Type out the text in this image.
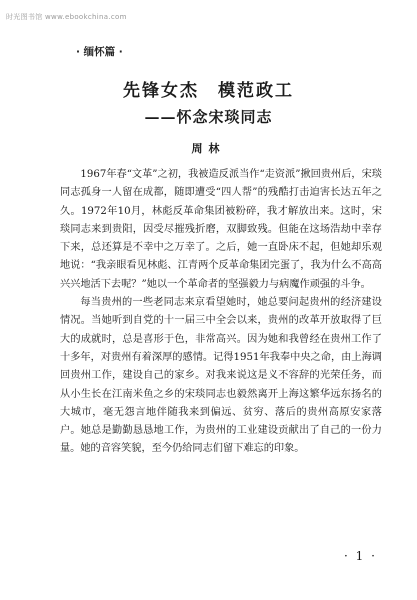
时光图书馆 www.ebookchina.com
· 缅怀篇 ·
先锋女杰　模范政工
——怀念宋琰同志
周林

1967年春“文革”之初，我被造反派当作“走资派”揪回贵州后，宋琰同志孤身一人留在成都，随即遭受“四人帮”的残酷打击迫害长达五年之久。1972年10月，林彪反革命集团被粉碎，我才解放出来。这时，宋琰同志来到贵阳，因受尽摧残折磨，双脚致残。但能在这场浩劫中幸存下来，总还算是不幸中之万幸了。之后，她一直卧床不起，但她却乐观地说：“我亲眼看见林彪、江青两个反革命集团完蛋了，我为什么不高高兴兴地活下去呢？”她以一个革命者的坚强毅力与病魔作顽强的斗争。

每当贵州的一些老同志来京看望她时，她总要问起贵州的经济建设情况。当她听到自党的十一届三中全会以来，贵州的改革开放取得了巨大的成就时，总是喜形于色，非常高兴。因为她和我曾经在贵州工作了十多年，对贵州有着深厚的感情。记得1951年我奉中央之命，由上海调回贵州工作，建设自己的家乡。对我来说这是义不容辞的光荣任务，而从小生长在江南米鱼之乡的宋琰同志也毅然离开上海这繁华远东扬名的大城市，毫无怨言地伴随我来到偏远、贫穷、落后的贵州高原安家落户。她总是勤勤恳恳地工作，为贵州的工业建设贡献出了自己的一份力量。她的音容笑貌，至今仍给同志们留下难忘的印象。

· 1 ·
